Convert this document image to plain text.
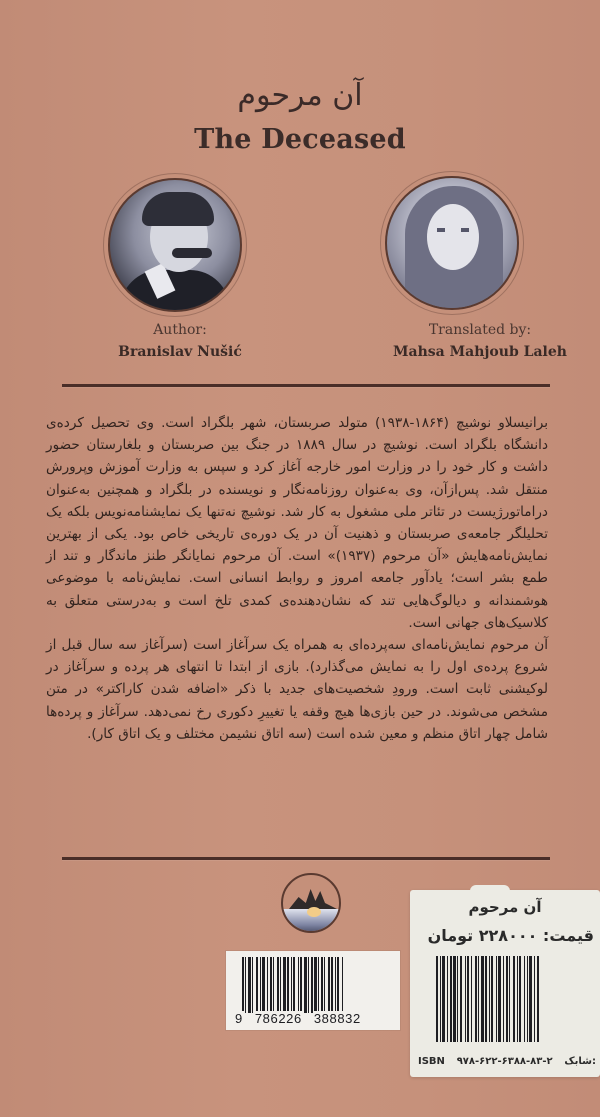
آن مرحوم
The Deceased
Author:
Branislav Nušić
Translated by:
Mahsa Mahjoub Laleh

برانیسلاو نوشیچ (۱۸۶۴-۱۹۳۸) متولد صربستان، شهر بلگراد است. وی تحصیل کرده‌ی دانشگاه بلگراد است. نوشیچ در سال ۱۸۸۹ در جنگ بین صربستان و بلغارستان حضور داشت و کار خود را در وزارت امور خارجه آغاز کرد و سپس به وزارت آموزش وپرورش منتقل شد. پس‌ازآن، وی به‌عنوان روزنامه‌نگار و نویسنده در بلگراد و همچنین به‌عنوان دراماتورژیست در تئاتر ملی مشغول به کار شد. نوشیچ نه‌تنها یک نمایشنامه‌نویس بلکه یک تحلیلگر جامعه‌ی صربستان و ذهنیت آن در یک دوره‌ی تاریخی خاص بود. یکی از بهترین نمایش‌نامه‌هایش «آن مرحوم (۱۹۳۷)» است. آن مرحوم نمایانگر طنز ماندگار و تند از طمع بشر است؛ یادآور جامعه امروز و روابط انسانی است. نمایش‌نامه با موضوعی هوشمندانه و دیالوگ‌هایی تند که نشان‌دهنده‌ی کمدی تلخ است و به‌درستی متعلق به کلاسیک‌های جهانی است.

آن مرحوم نمایش‌نامه‌ای سه‌پرده‌ای به همراه یک سرآغاز است (سرآغاز سه سال قبل از شروع پرده‌ی اول را به نمایش می‌گذارد). بازی از ابتدا تا انتهای هر پرده و سرآغاز در لوکیشنی ثابت است. ورودِ شخصیت‌های جدید با ذکر «اضافه شدن کاراکتر» در متن مشخص می‌شوند. در حین بازی‌ها هیچ وقفه یا تغییرِ دکوری رخ نمی‌دهد. سرآغاز و پرده‌ها شامل چهار اتاق منظم و معین شده است (سه اتاق نشیمن مختلف و یک اتاق کار).

9 786226 388832
آن مرحوم
قیمت: ۲۲۸۰۰۰ تومان
ISBN ۹۷۸-۶۲۲-۶۳۸۸-۸۳-۲ شابک:
